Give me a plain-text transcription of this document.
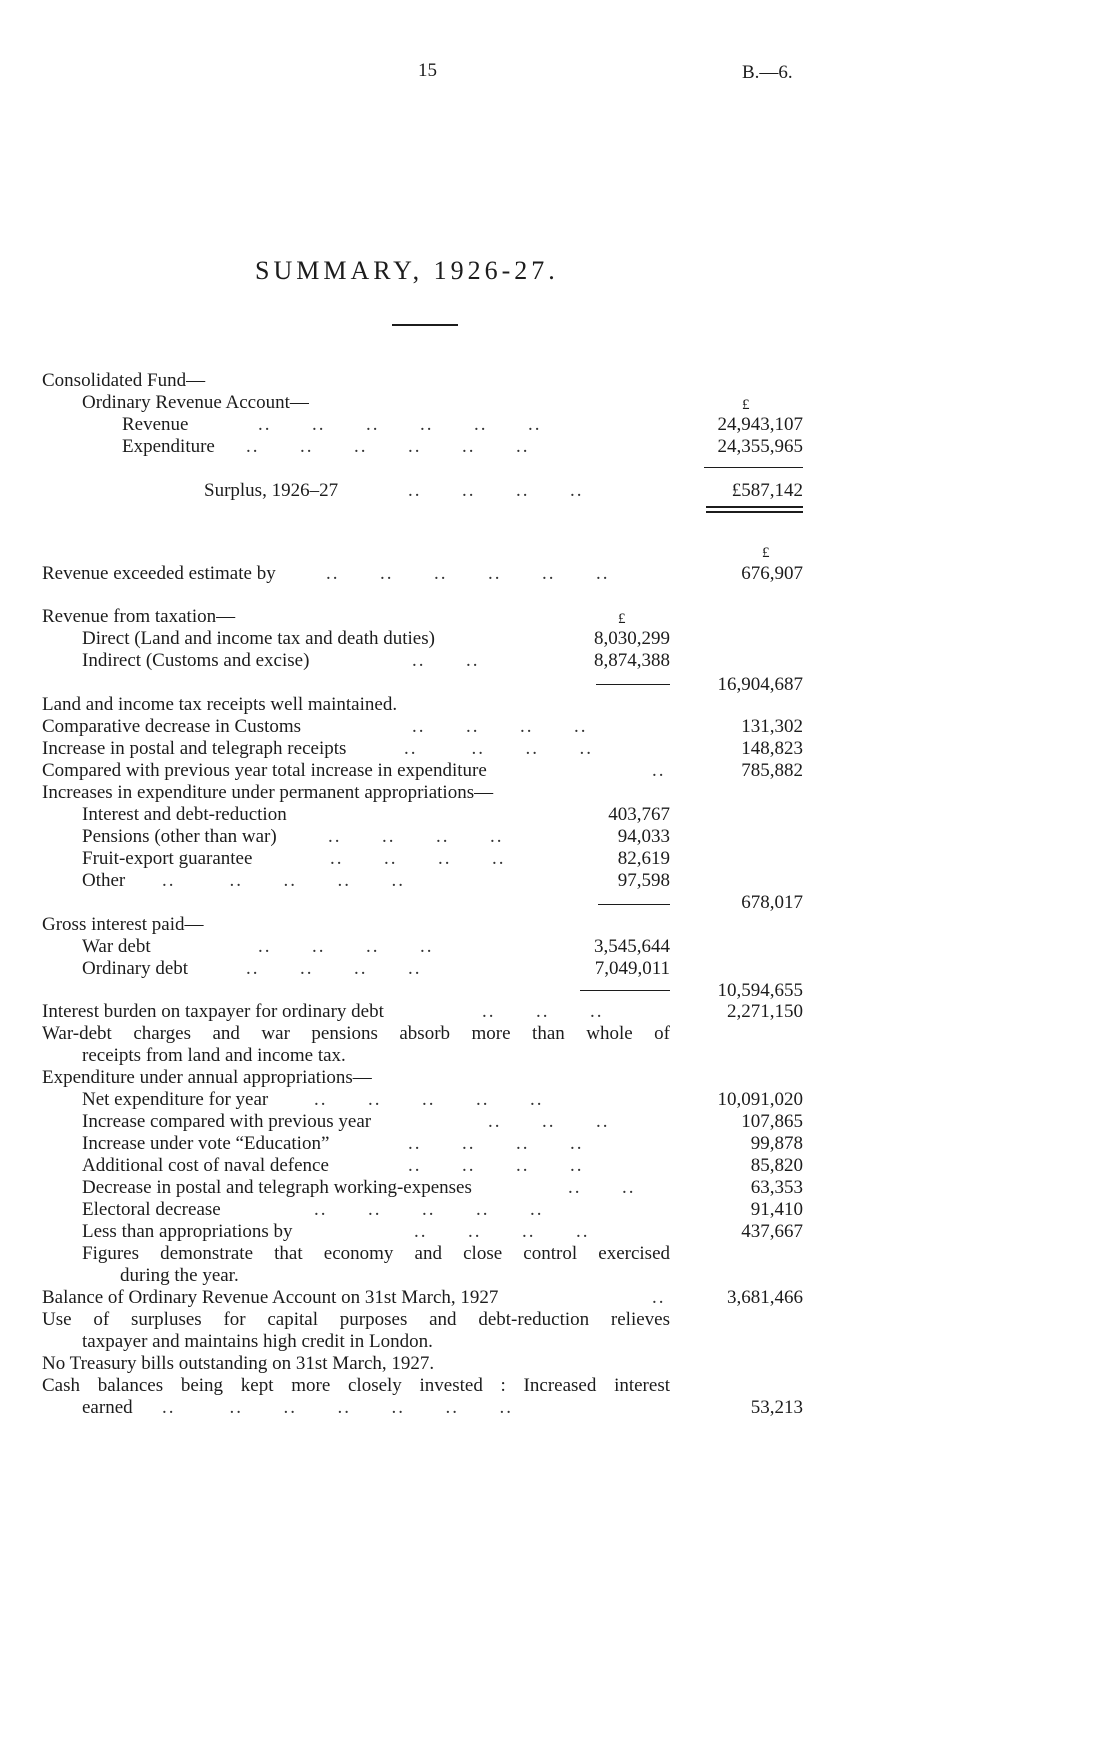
15	B.—6.
SUMMARY, 1926-27.
Consolidated Fund—
Ordinary Revenue Account—	£
Revenue	..      ..      ..      ..      ..      ..	24,943,107
Expenditure ..      ..      ..      ..      ..      ..	24,355,965
Surplus, 1926–27	..      ..      ..      ..	£587,142
£
Revenue exceeded estimate by	..      ..      ..      ..      ..      ..	676,907
Revenue from taxation—	£
Direct (Land and income tax and death duties)	8,030,299
Indirect (Customs and excise)	..      ..	8,874,388
16,904,687
Land and income tax receipts well maintained.
Comparative decrease in Customs	..      ..      ..      ..	131,302
Increase in postal and telegraph receipts	..        ..      ..      ..	148,823
Compared with previous year total increase in expenditure	..	785,882
Increases in expenditure under permanent appropriations—
Interest and debt-reduction	403,767
Pensions (other than war)	..      ..      ..      ..	94,033
Fruit-export guarantee	..      ..      ..      ..	82,619
Other ..        ..      ..      ..      ..	97,598
678,017
Gross interest paid—
War debt	..      ..      ..      ..	3,545,644
Ordinary debt	..      ..      ..      ..	7,049,011
10,594,655
Interest burden on taxpayer for ordinary debt	..      ..      ..	2,271,150
War-debt charges and war pensions absorb more than whole of
receipts from land and income tax.
Expenditure under annual appropriations—
Net expenditure for year ..      ..      ..      ..      ..	10,091,020
Increase compared with previous year	..      ..      ..	107,865
Increase under vote “Education”	..      ..      ..      ..	99,878
Additional cost of naval defence	..      ..      ..      ..	85,820
Decrease in postal and telegraph working-expenses	..      ..	63,353
Electoral decrease	..      ..      ..      ..      ..	91,410
Less than appropriations by	..      ..      ..      ..	437,667
Figures demonstrate that economy and close control exercised
during the year.
Balance of Ordinary Revenue Account on 31st March, 1927	..	3,681,466
Use of surpluses for capital purposes and debt-reduction relieves
taxpayer and maintains high credit in London.
No Treasury bills outstanding on 31st March, 1927.
Cash balances being kept more closely invested : Increased interest
earned ..        ..      ..      ..      ..      ..      ..	53,213
